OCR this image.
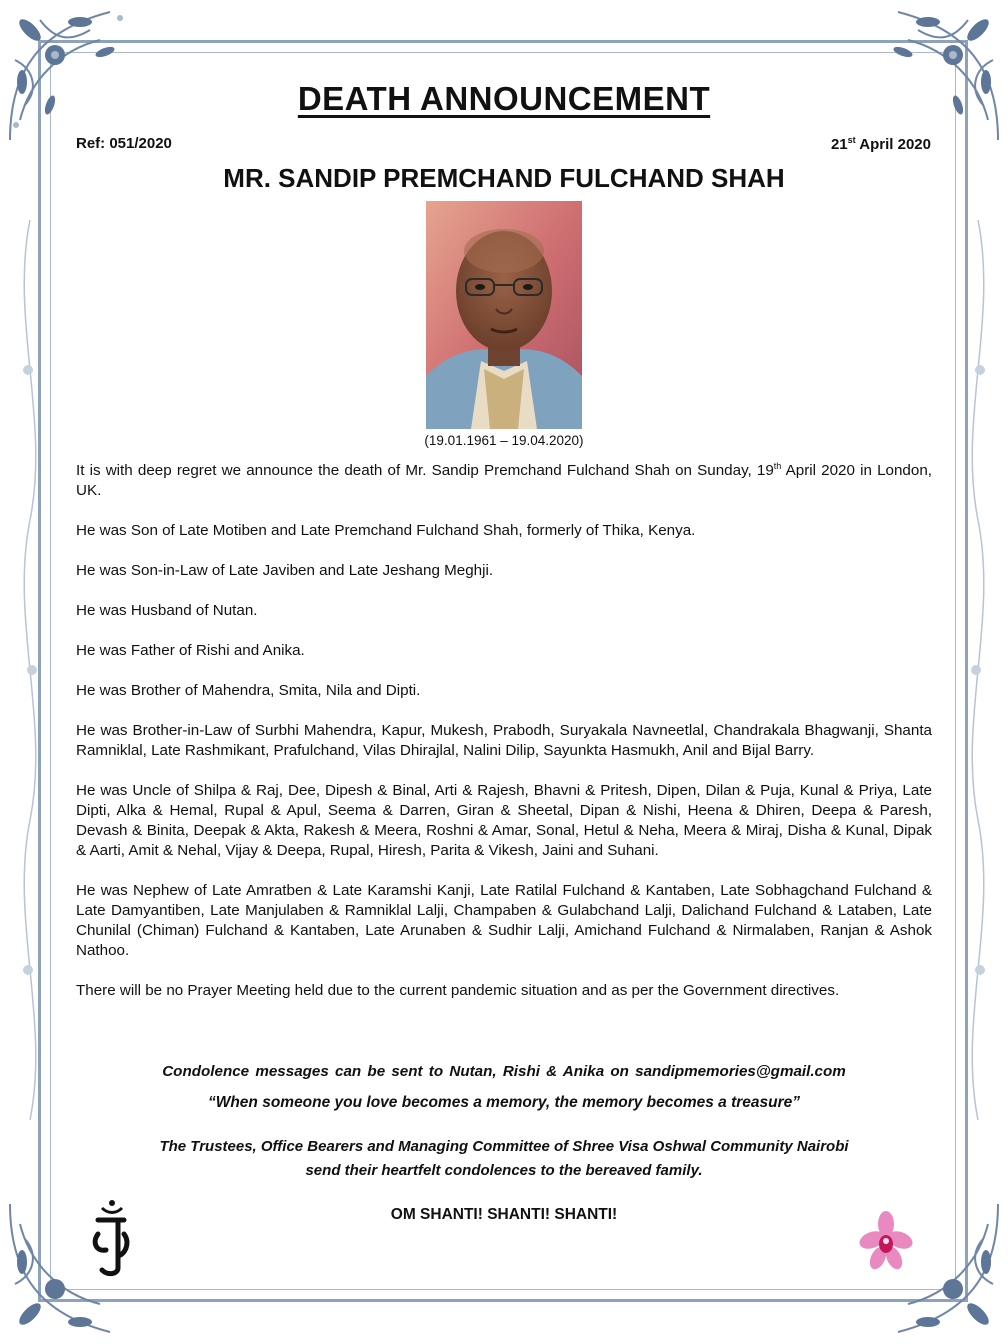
DEATH ANNOUNCEMENT
Ref: 051/2020	21st April 2020
MR. SANDIP PREMCHAND FULCHAND SHAH
(19.01.1961 – 19.04.2020)

It is with deep regret we announce the death of Mr. Sandip Premchand Fulchand Shah on Sunday, 19th April 2020 in London, UK.

He was Son of Late Motiben and Late Premchand Fulchand Shah, formerly of Thika, Kenya.

He was Son-in-Law of Late Javiben and Late Jeshang Meghji.

He was Husband of Nutan.

He was Father of Rishi and Anika.

He was Brother of Mahendra, Smita, Nila and Dipti.

He was Brother-in-Law of Surbhi Mahendra, Kapur, Mukesh, Prabodh, Suryakala Navneetlal, Chandrakala Bhagwanji, Shanta Ramniklal, Late Rashmikant, Prafulchand, Vilas Dhirajlal, Nalini Dilip, Sayunkta Hasmukh, Anil and Bijal Barry.

He was Uncle of Shilpa & Raj, Dee, Dipesh & Binal, Arti & Rajesh, Bhavni & Pritesh, Dipen, Dilan & Puja, Kunal & Priya, Late Dipti, Alka & Hemal, Rupal & Apul, Seema & Darren, Giran & Sheetal, Dipan & Nishi, Heena & Dhiren, Deepa & Paresh, Devash & Binita, Deepak & Akta, Rakesh & Meera, Roshni & Amar, Sonal, Hetul & Neha, Meera & Miraj, Disha & Kunal, Dipak & Aarti, Amit & Nehal, Vijay & Deepa, Rupal, Hiresh, Parita & Vikesh, Jaini and Suhani.

He was Nephew of Late Amratben & Late Karamshi Kanji, Late Ratilal Fulchand & Kantaben, Late Sobhagchand Fulchand & Late Damyantiben, Late Manjulaben & Ramniklal Lalji, Champaben & Gulabchand Lalji, Dalichand Fulchand & Lataben, Late Chunilal (Chiman) Fulchand & Kantaben, Late Arunaben & Sudhir Lalji, Amichand Fulchand & Nirmalaben, Ranjan & Ashok Nathoo.

There will be no Prayer Meeting held due to the current pandemic situation and as per the Government directives.

Condolence messages can be sent to Nutan, Rishi & Anika on sandipmemories@gmail.com
“When someone you love becomes a memory, the memory becomes a treasure”
The Trustees, Office Bearers and Managing Committee of Shree Visa Oshwal Community Nairobi
send their heartfelt condolences to the bereaved family.
OM SHANTI! SHANTI! SHANTI!
